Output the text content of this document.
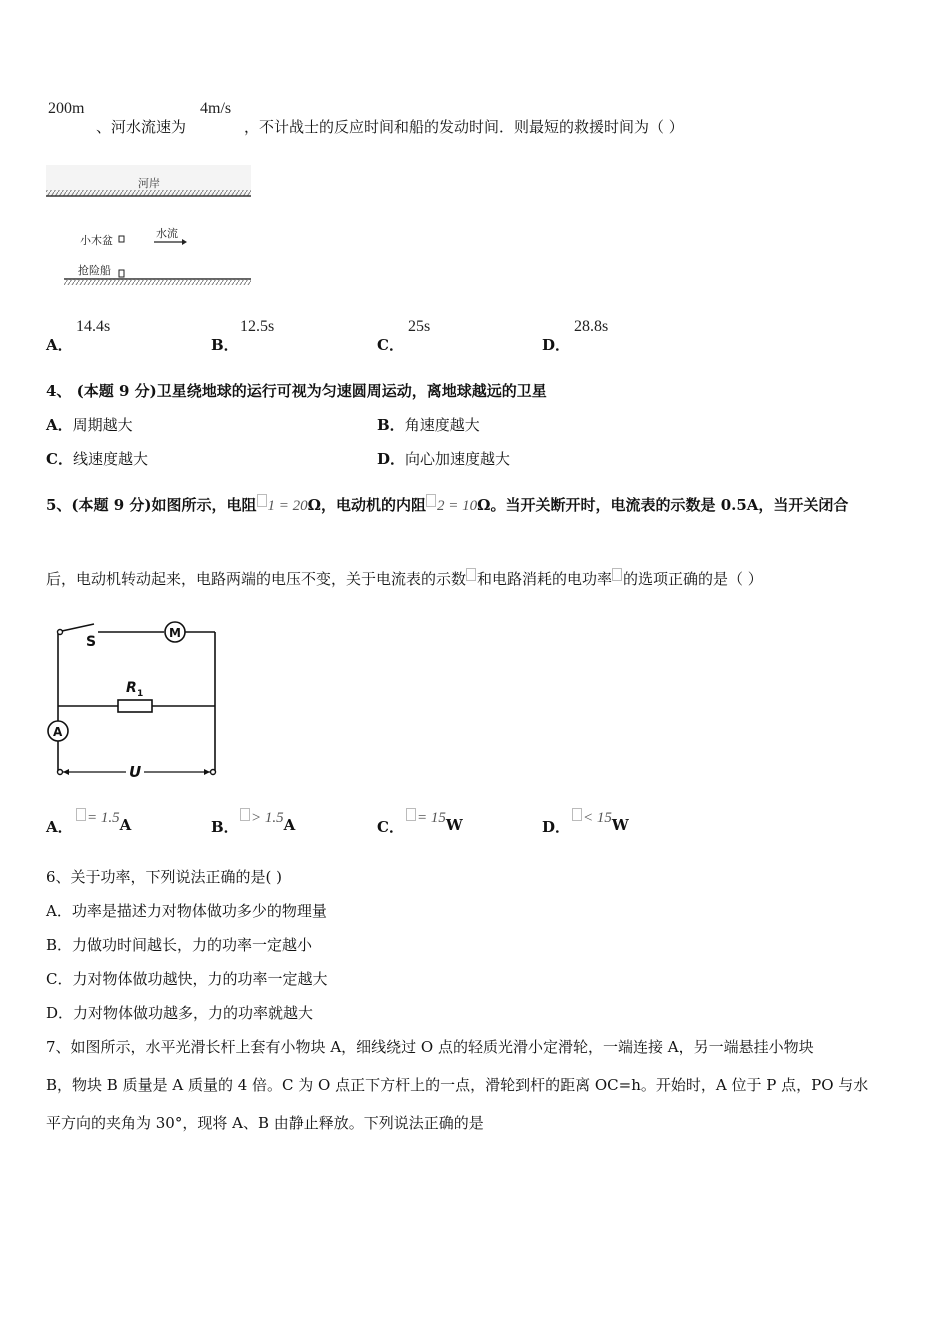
200m
、河水流速为
4m/s
，不计战士的反应时间和船的发动时间．则最短的救援时间为（ ）
河岸
小木盆
水流
抢险船
A．
14.4s
B．
12.5s
C．
25s
D．
28.8s
4、 (本题 9 分)卫星绕地球的运行可视为匀速圆周运动，离地球越远的卫星
A．周期越大	B．角速度越大
C．线速度越大	D．向心加速度越大
5、(本题 9 分)如图所示，电阻 1 = 20Ω，电动机的内阻 2 = 10Ω。当开关断开时，电流表的示数是 0.5A，当开关闭合
后，电动机转动起来，电路两端的电压不变，关于电流表的示数 和电路消耗的电功率 的选项正确的是（ ）
S
M
R 1
A
U
A． = 1.5A	B． > 1.5A	C． = 15W	D． < 15W
6、关于功率，下列说法正确的是( )
A．功率是描述力对物体做功多少的物理量
B．力做功时间越长，力的功率一定越小
C．力对物体做功越快，力的功率一定越大
D．力对物体做功越多，力的功率就越大
7、如图所示，水平光滑长杆上套有小物块 A，细线绕过 O 点的轻质光滑小定滑轮，一端连接 A，另一端悬挂小物块
B，物块 B 质量是 A 质量的 4 倍。C 为 O 点正下方杆上的一点，滑轮到杆的距离 OC=h。开始时，A 位于 P 点，PO 与水
平方向的夹角为 30°，现将 A、B 由静止释放。下列说法正确的是
